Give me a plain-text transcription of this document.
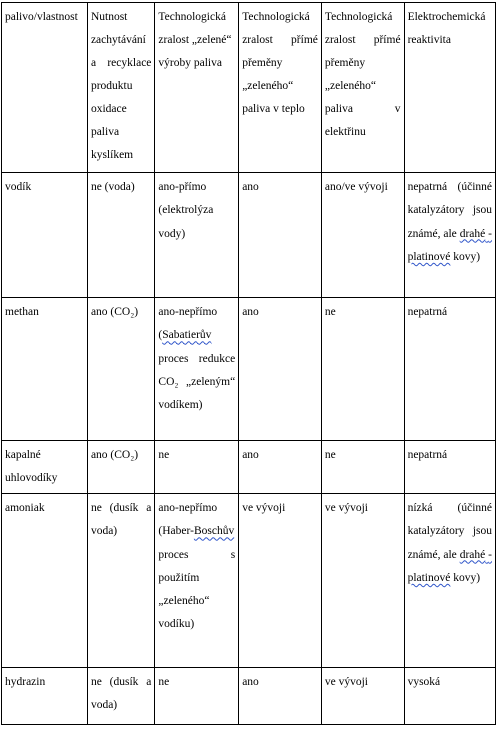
palivo/vlastnost	Nutnost zachytávání a recyklace produktu oxidace paliva kyslíkem	Technologická zralost „zelené“ výroby paliva	Technologická zralost přímé přeměny „zeleného“ paliva v teplo	Technologická zralost přímé přeměny „zeleného“ paliva v elektřinu	Elektrochemická reaktivita
vodík	ne (voda)	ano-přímo (elektrolýza vody)	ano	ano/ve vývoji	nepatrná (účinné katalyzátory jsou známé, ale drahé - platinové kovy)
methan	ano (CO₂)	ano-nepřímo (Sabatierův proces redukce CO₂ „zeleným“ vodíkem)	ano	ne	nepatrná
kapalné uhlovodíky	ano (CO₂)	ne	ano	ne	nepatrná
amoniak	ne (dusík a voda)	ano-nepřímo (Haber-Boschův proces s použitím „zeleného“ vodíku)	ve vývoji	ve vývoji	nízká (účinné katalyzátory jsou známé, ale drahé - platinové kovy)
hydrazin	ne (dusík a voda)	ne	ano	ve vývoji	vysoká
